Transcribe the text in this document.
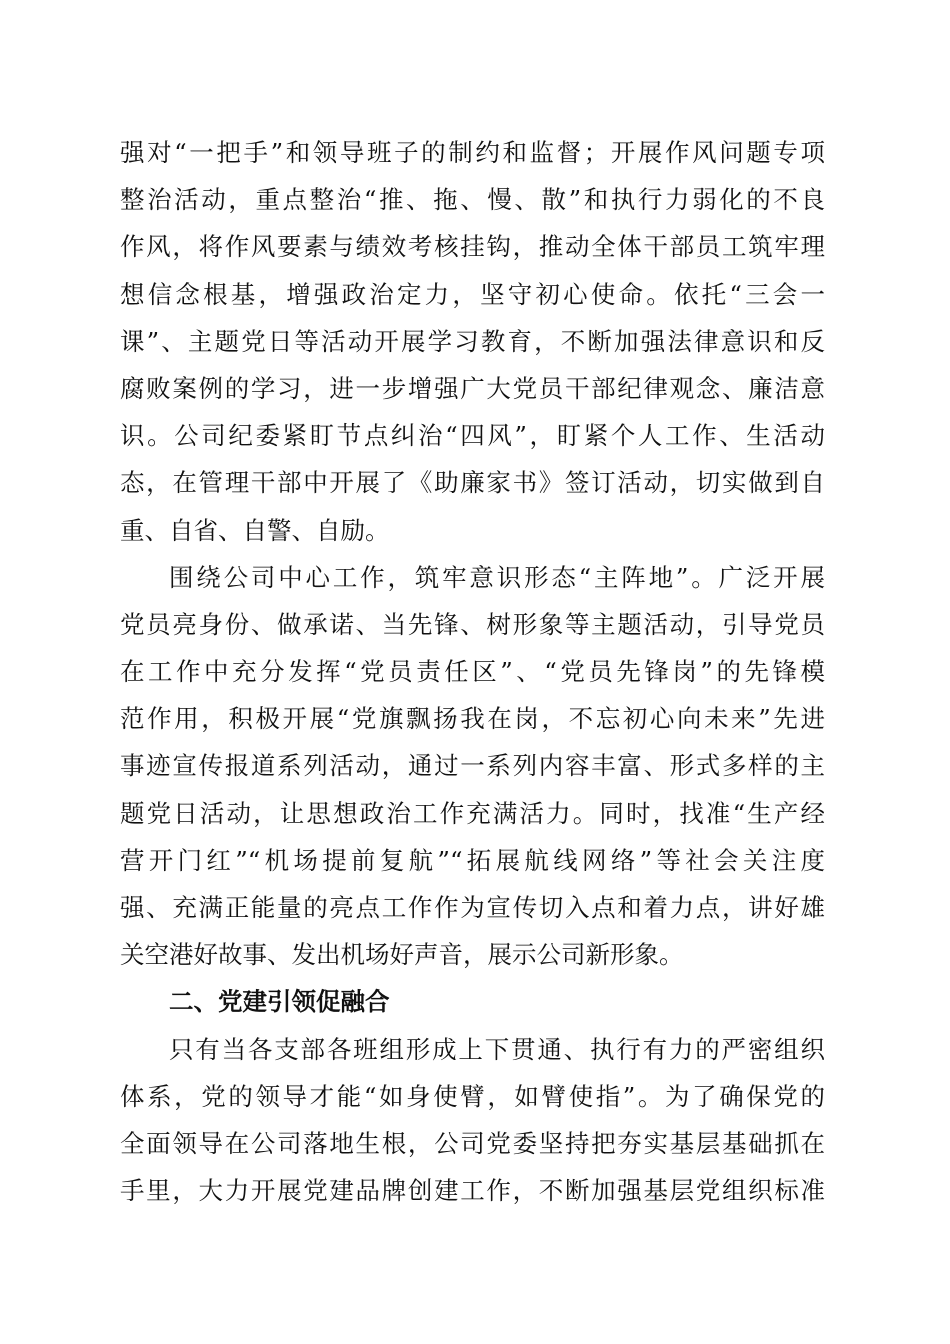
强对“一把手”和领导班子的制约和监督；开展作风问题专项
整治活动，重点整治“推、拖、慢、散”和执行力弱化的不良
作风，将作风要素与绩效考核挂钩，推动全体干部员工筑牢理
想信念根基，增强政治定力，坚守初心使命。依托“三会一
课”、主题党日等活动开展学习教育，不断加强法律意识和反
腐败案例的学习，进一步增强广大党员干部纪律观念、廉洁意
识。公司纪委紧盯节点纠治“四风”，盯紧个人工作、生活动
态，在管理干部中开展了《助廉家书》签订活动，切实做到自
重、自省、自警、自励。
围绕公司中心工作，筑牢意识形态“主阵地”。广泛开展
党员亮身份、做承诺、当先锋、树形象等主题活动，引导党员
在工作中充分发挥“党员责任区”、“党员先锋岗”的先锋模
范作用，积极开展“党旗飘扬我在岗，不忘初心向未来”先进
事迹宣传报道系列活动，通过一系列内容丰富、形式多样的主
题党日活动，让思想政治工作充满活力。同时，找准“生产经
营开门红”“机场提前复航”“拓展航线网络”等社会关注度
强、充满正能量的亮点工作作为宣传切入点和着力点，讲好雄
关空港好故事、发出机场好声音，展示公司新形象。
二、党建引领促融合
只有当各支部各班组形成上下贯通、执行有力的严密组织
体系，党的领导才能“如身使臂，如臂使指”。为了确保党的
全面领导在公司落地生根，公司党委坚持把夯实基层基础抓在
手里，大力开展党建品牌创建工作，不断加强基层党组织标准
